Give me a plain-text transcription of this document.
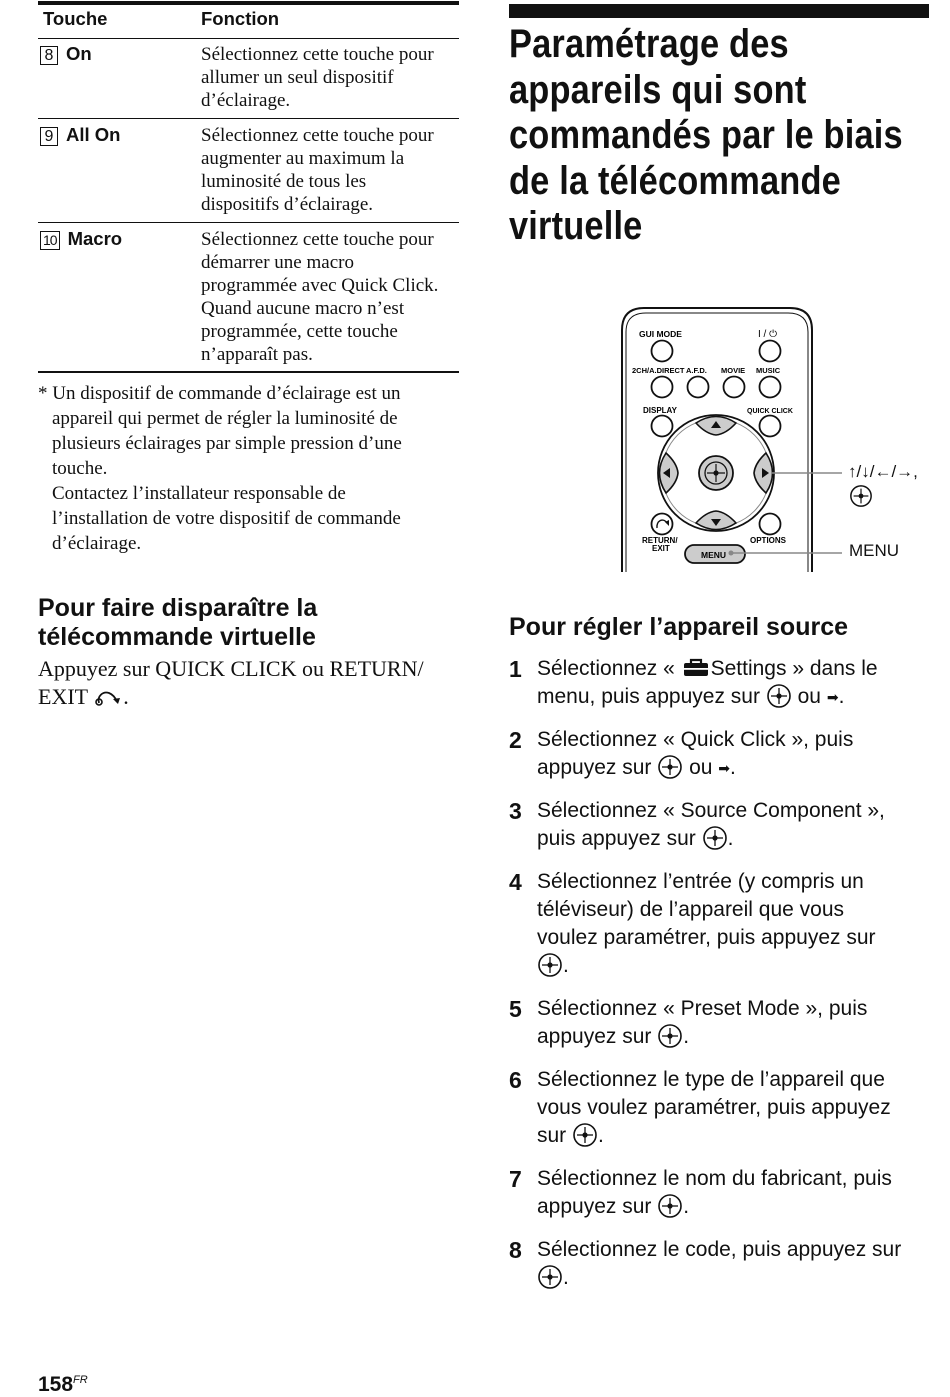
Touche	Fonction
8 On	Sélectionnez cette touche pour
allumer un seul dispositif
d’éclairage.
9 All On	Sélectionnez cette touche pour
augmenter au maximum la
luminosité de tous les
dispositifs d’éclairage.
10 Macro	Sélectionnez cette touche pour
démarrer une macro
programmée avec Quick Click.
Quand aucune macro n’est
programmée, cette touche
n’apparaît pas.
* Un dispositif de commande d’éclairage est un
appareil qui permet de régler la luminosité de
plusieurs éclairages par simple pression d’une
touche.
Contactez l’installateur responsable de
l’installation de votre dispositif de commande
d’éclairage.
Pour faire disparaître la
télécommande virtuelle
Appuyez sur QUICK CLICK ou RETURN/
EXIT .
Paramétrage des
appareils qui sont
commandés par le biais
de la télécommande
virtuelle
Pour régler l’appareil source
1 Sélectionnez « Settings » dans le
menu, puis appuyez sur  ou ➡.
2 Sélectionnez « Quick Click », puis
appuyez sur  ou ➡.
3 Sélectionnez « Source Component »,
puis appuyez sur .
4 Sélectionnez l’entrée (y compris un
téléviseur) de l’appareil que vous
voulez paramétrer, puis appuyez sur
.
5 Sélectionnez « Preset Mode », puis
appuyez sur .
6 Sélectionnez le type de l’appareil que
vous voulez paramétrer, puis appuyez
sur .
7 Sélectionnez le nom du fabricant, puis
appuyez sur .
8 Sélectionnez le code, puis appuyez sur
.
GUI MODE	I / ⏻
2CH/A.DIRECT A.F.D. MOVIE MUSIC
DISPLAY	QUICK CLICK
RETURN/
EXIT
OPTIONS
MENU
↑/↓/←/→,
MENU
$158^{FR}$
